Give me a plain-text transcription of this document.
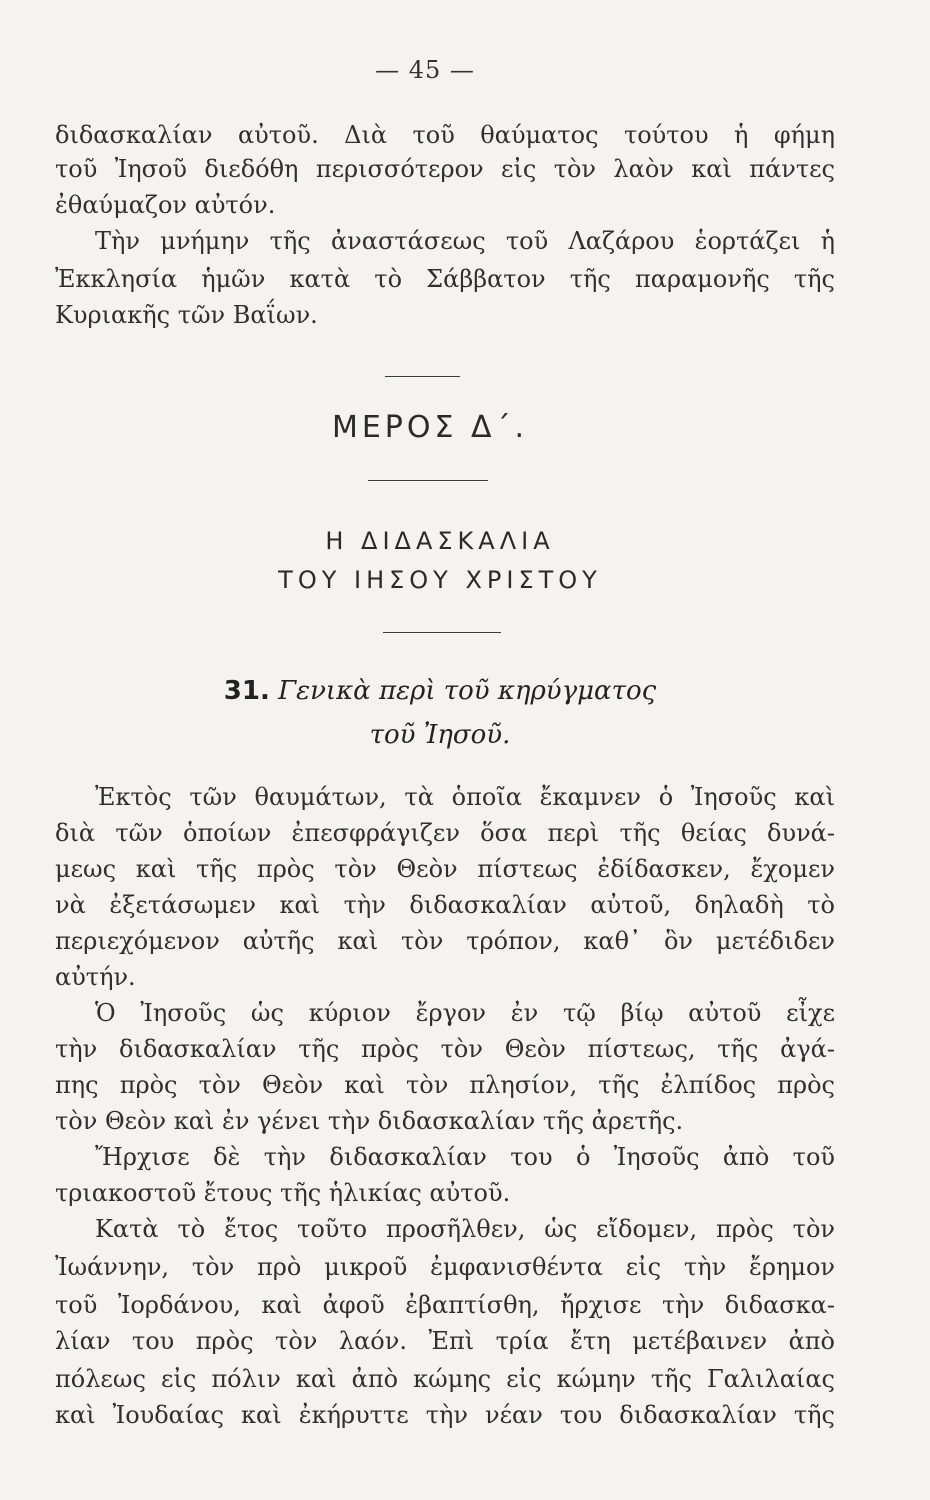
— 45 —
διδασκαλίαν αὐτοῦ. Διὰ τοῦ θαύματος τούτου ἡ φήμη
τοῦ Ἰησοῦ διεδόθη περισσότερον εἰς τὸν λαὸν καὶ πάντες
ἐθαύμαζον αὐτόν.
Τὴν μνήμην τῆς ἀναστάσεως τοῦ Λαζάρου ἑορτάζει ἡ
Ἐκκλησία ἡμῶν κατὰ τὸ Σάββατον τῆς παραμονῆς τῆς
Κυριακῆς τῶν Βαΐων.
ΜΕΡΟΣ Δ΄.
Η ΔΙΔΑΣΚΑΛΙΑ
ΤΟΥ ΙΗΣΟΥ ΧΡΙΣΤΟΥ
31. Γενικὰ περὶ τοῦ κηρύγματος
τοῦ Ἰησοῦ.
Ἐκτὸς τῶν θαυμάτων, τὰ ὁποῖα ἔκαμνεν ὁ Ἰησοῦς καὶ
διὰ τῶν ὁποίων ἐπεσφράγιζεν ὅσα περὶ τῆς θείας δυνά-
μεως καὶ τῆς πρὸς τὸν Θεὸν πίστεως ἐδίδασκεν, ἔχομεν
νὰ ἐξετάσωμεν καὶ τὴν διδασκαλίαν αὐτοῦ, δηλαδὴ τὸ
περιεχόμενον αὐτῆς καὶ τὸν τρόπον, καθ᾽ ὃν μετέδιδεν
αὐτήν.
Ὁ Ἰησοῦς ὡς κύριον ἔργον ἐν τῷ βίῳ αὐτοῦ εἶχε
τὴν διδασκαλίαν τῆς πρὸς τὸν Θεὸν πίστεως, τῆς ἀγά-
πης πρὸς τὸν Θεὸν καὶ τὸν πλησίον, τῆς ἐλπίδος πρὸς
τὸν Θεὸν καὶ ἐν γένει τὴν διδασκαλίαν τῆς ἀρετῆς.
Ἤρχισε δὲ τὴν διδασκαλίαν του ὁ Ἰησοῦς ἀπὸ τοῦ
τριακοστοῦ ἔτους τῆς ἡλικίας αὐτοῦ.
Κατὰ τὸ ἔτος τοῦτο προσῆλθεν, ὡς εἴδομεν, πρὸς τὸν
Ἰωάννην, τὸν πρὸ μικροῦ ἐμφανισθέντα εἰς τὴν ἔρημον
τοῦ Ἰορδάνου, καὶ ἀφοῦ ἐβαπτίσθη, ἤρχισε τὴν διδασκα-
λίαν του πρὸς τὸν λαόν. Ἐπὶ τρία ἔτη μετέβαινεν ἀπὸ
πόλεως εἰς πόλιν καὶ ἀπὸ κώμης εἰς κώμην τῆς Γαλιλαίας
καὶ Ἰουδαίας καὶ ἐκήρυττε τὴν νέαν του διδασκαλίαν τῆς
